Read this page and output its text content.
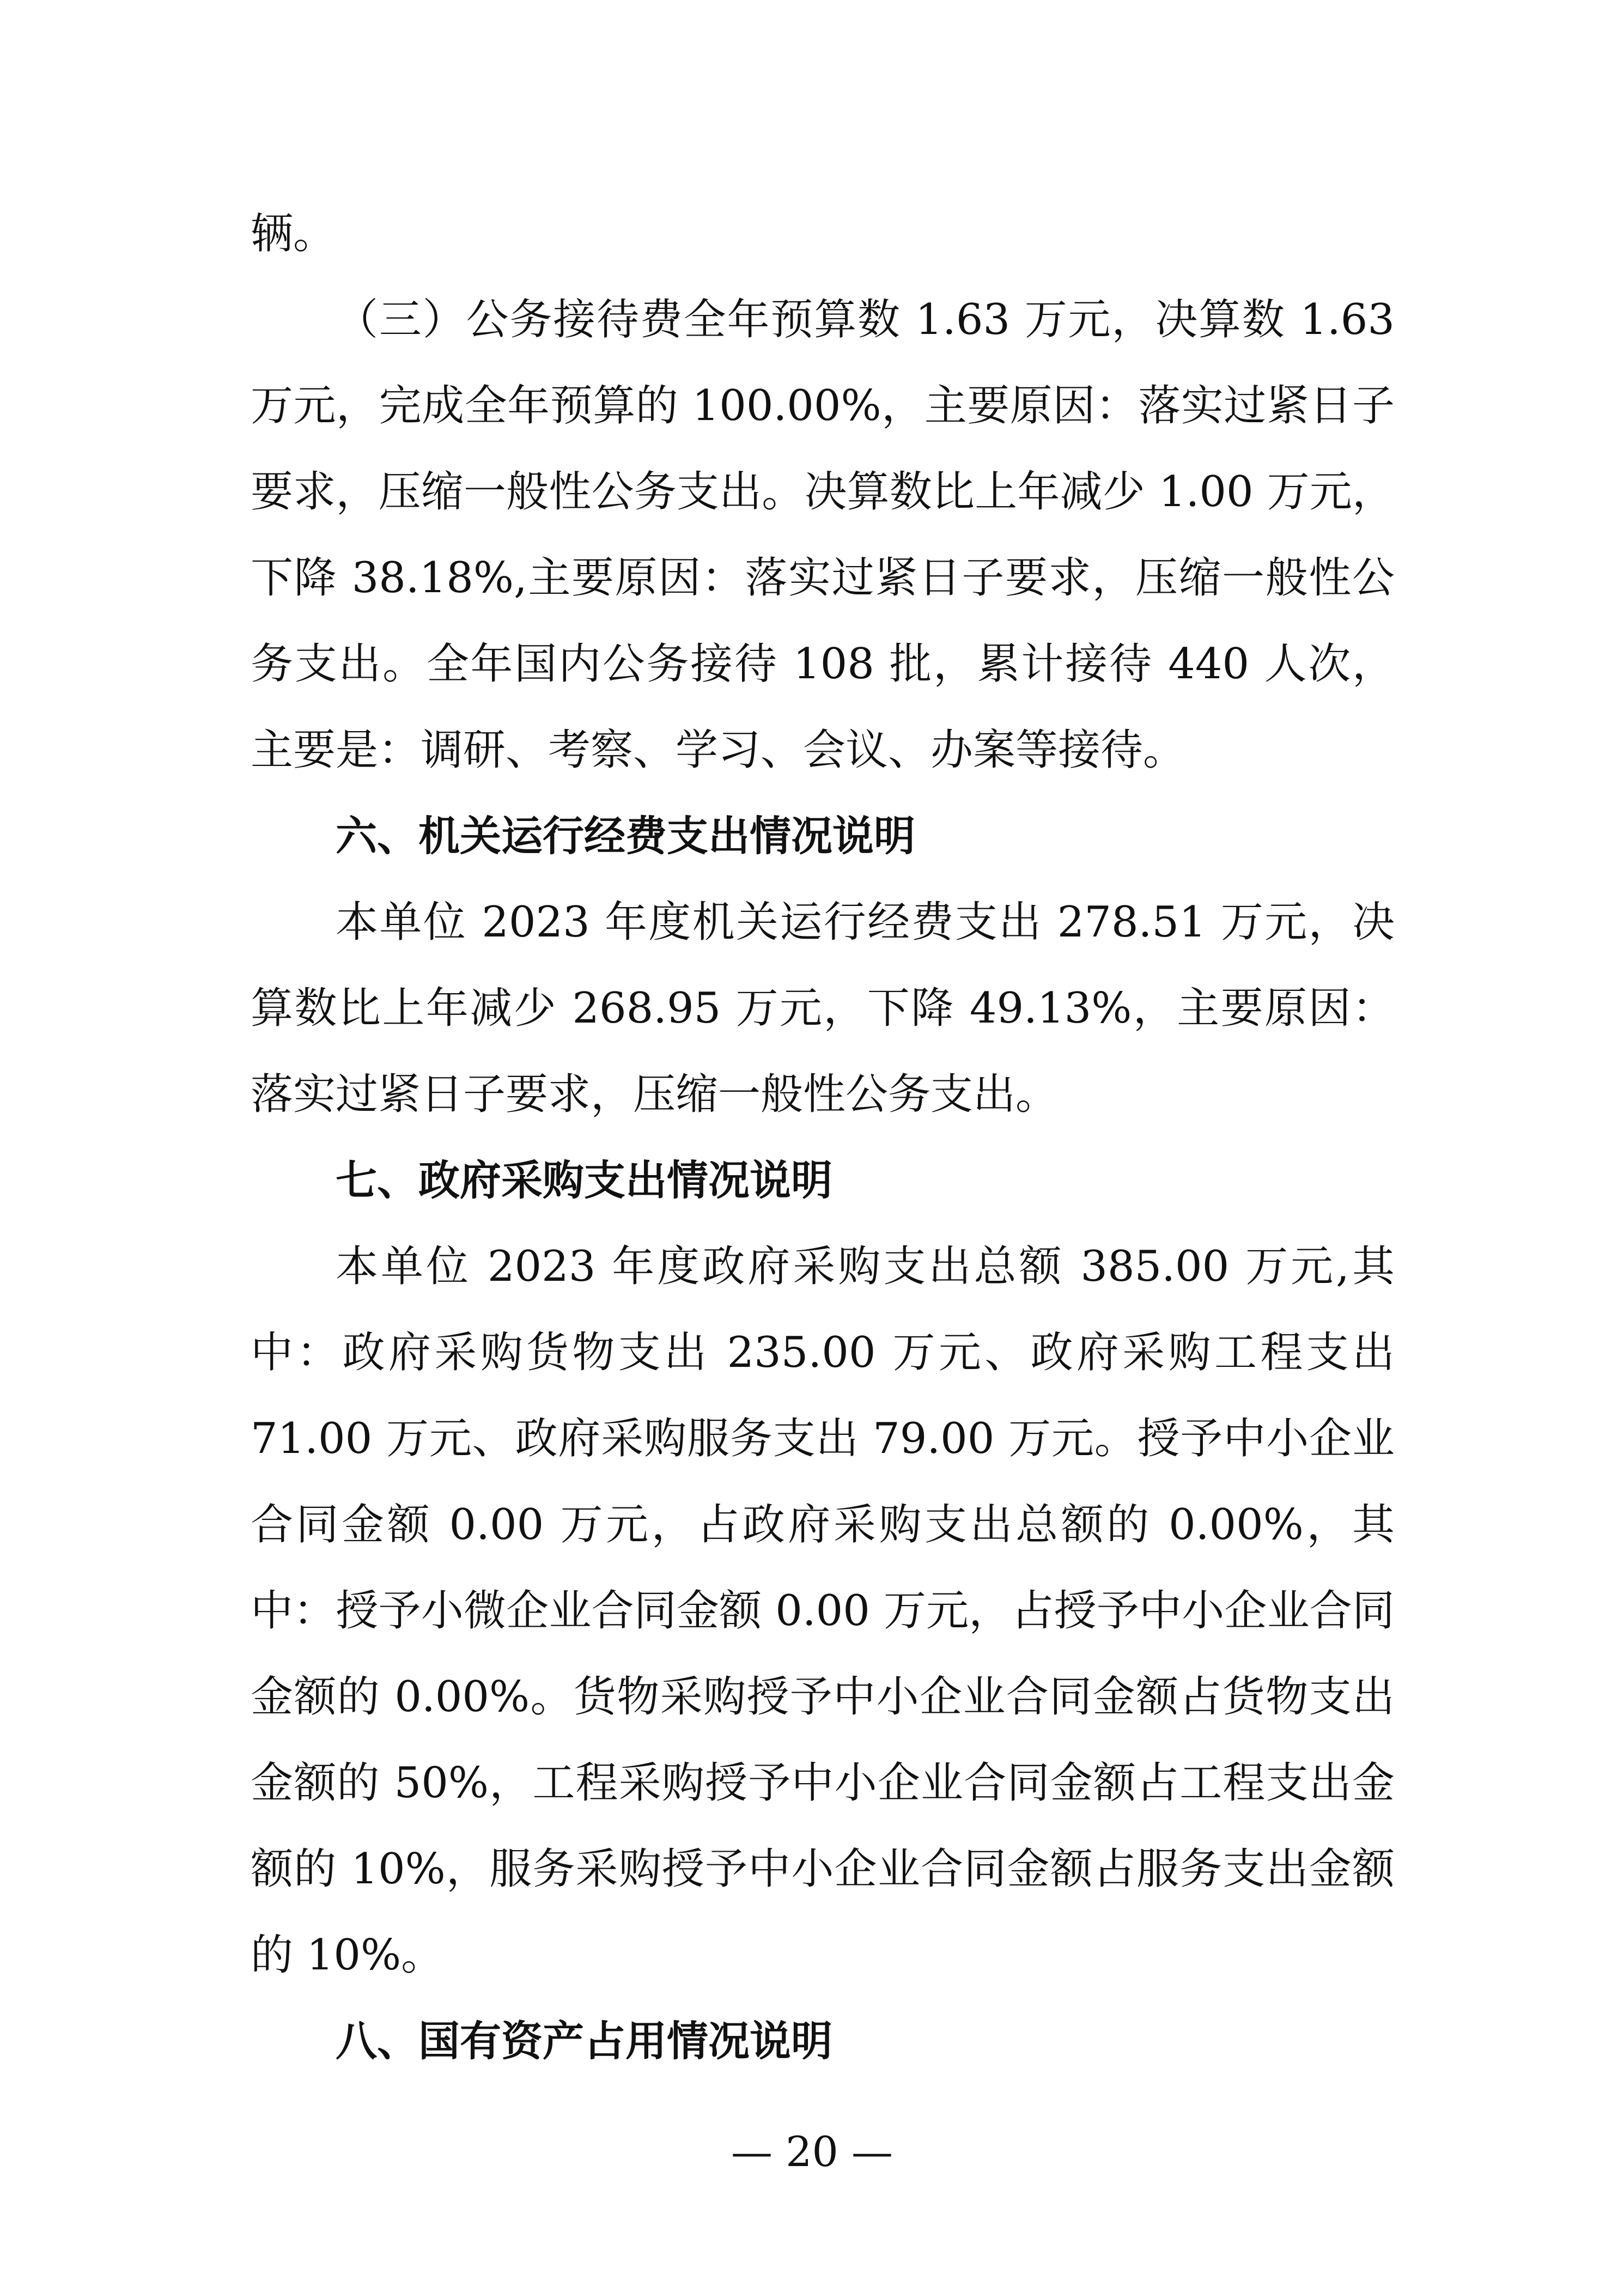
辆。

（三）公务接待费全年预算数 1.63 万元，决算数 1.63 万元，完成全年预算的 100.00%，主要原因：落实过紧日子要求，压缩一般性公务支出。决算数比上年减少 1.00 万元，下降 38.18%,主要原因：落实过紧日子要求，压缩一般性公务支出。全年国内公务接待 108 批，累计接待 440 人次，主要是：调研、考察、学习、会议、办案等接待。

六、机关运行经费支出情况说明

本单位 2023 年度机关运行经费支出 278.51 万元，决算数比上年减少 268.95 万元，下降 49.13%，主要原因：落实过紧日子要求，压缩一般性公务支出。

七、政府采购支出情况说明

本单位 2023 年度政府采购支出总额 385.00 万元,其中：政府采购货物支出 235.00 万元、政府采购工程支出 71.00 万元、政府采购服务支出 79.00 万元。授予中小企业合同金额 0.00 万元，占政府采购支出总额的 0.00%，其中：授予小微企业合同金额 0.00 万元，占授予中小企业合同金额的 0.00%。货物采购授予中小企业合同金额占货物支出金额的 50%，工程采购授予中小企业合同金额占工程支出金额的 10%，服务采购授予中小企业合同金额占服务支出金额的 10%。

八、国有资产占用情况说明
— 20 —
